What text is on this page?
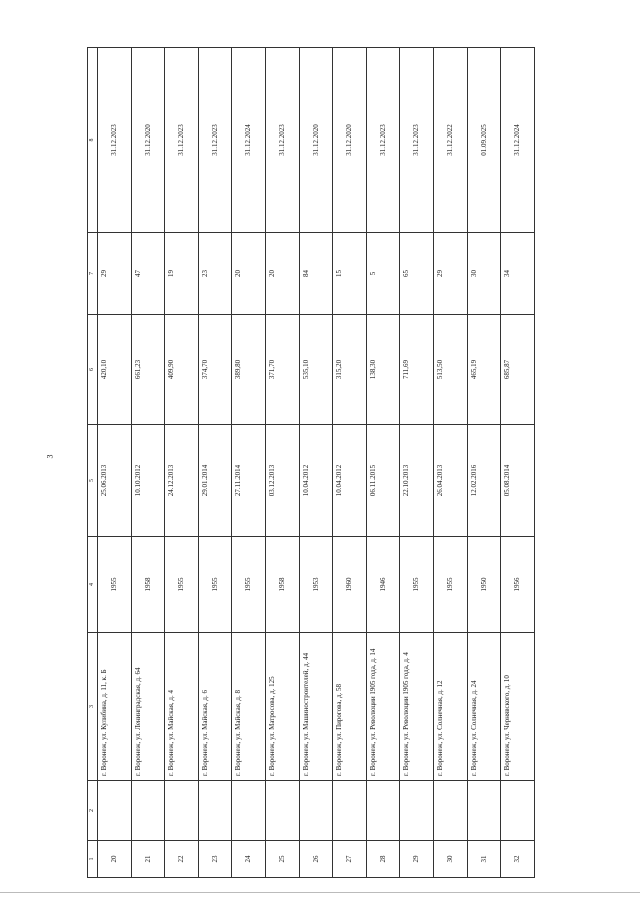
3
1	2	3	4	5	6	7	8
20		г. Воронеж, ул. Кулибина, д. 11, к. Б	1955	25.06.2013	420,10	29	31.12.2023
21		г. Воронеж, ул. Ленинградская, д. 64	1958	10.10.2012	661,23	47	31.12.2020
22		г. Воронеж, ул. Майская, д. 4	1955	24.12.2013	409,90	19	31.12.2023
23		г. Воронеж, ул. Майская, д. 6	1955	29.01.2014	374,70	23	31.12.2023
24		г. Воронеж, ул. Майская, д. 8	1955	27.11.2014	389,80	20	31.12.2024
25		г. Воронеж, ул. Матросова, д. 125	1958	03.12.2013	371,70	20	31.12.2023
26		г. Воронеж, ул. Машиностроителей, д. 44	1953	10.04.2012	535,10	84	31.12.2020
27		г. Воронеж, ул. Пирогова, д. 58	1960	10.04.2012	315,20	15	31.12.2020
28		г. Воронеж, ул. Революции 1905 года, д. 14	1946	06.11.2015	138,30	5	31.12.2023
29		г. Воронеж, ул. Революции 1905 года, д. 4	1955	22.10.2013	711,69	65	31.12.2023
30		г. Воронеж, ул. Солнечная, д. 12	1955	26.04.2013	513,50	29	31.12.2022
31		г. Воронеж, ул. Солнечная, д. 24	1950	12.02.2016	465,19	30	01.09.2025
32		г. Воронеж, ул. Чернявского, д. 10	1956	05.08.2014	685,87	34	31.12.2024
